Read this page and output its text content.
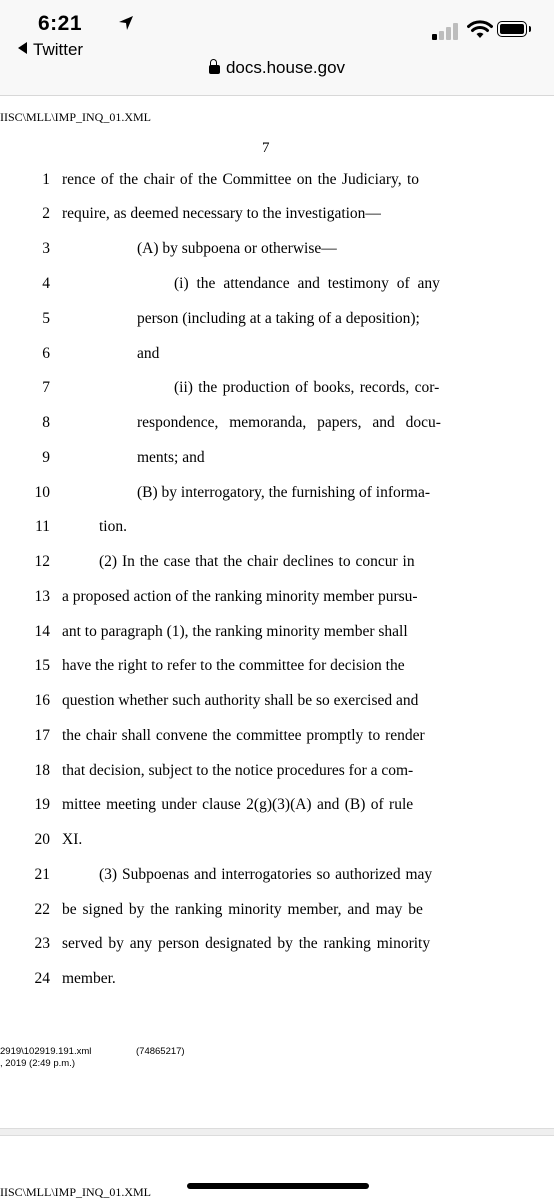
6:21
Twitter
docs.house.gov
IISC\MLL\IMP_INQ_01.XML
7
1 rence of the chair of the Committee on the Judiciary, to
2 require, as deemed necessary to the investigation—
3	(A) by subpoena or otherwise—
4	(i) the attendance and testimony of any
5	person (including at a taking of a deposition);
6	and
7	(ii) the production of books, records, cor-
8	respondence, memoranda, papers, and docu-
9	ments; and
10	(B) by interrogatory, the furnishing of informa-
11	tion.
12	(2) In the case that the chair declines to concur in
13 a proposed action of the ranking minority member pursu-
14 ant to paragraph (1), the ranking minority member shall
15 have the right to refer to the committee for decision the
16 question whether such authority shall be so exercised and
17 the chair shall convene the committee promptly to render
18 that decision, subject to the notice procedures for a com-
19 mittee meeting under clause 2(g)(3)(A) and (B) of rule
20 XI.
21	(3) Subpoenas and interrogatories so authorized may
22 be signed by the ranking minority member, and may be
23 served by any person designated by the ranking minority
24 member.
2919\102919.191.xml
, 2019 (2:49 p.m.)
(74865217)
IISC\MLL\IMP_INQ_01.XML
